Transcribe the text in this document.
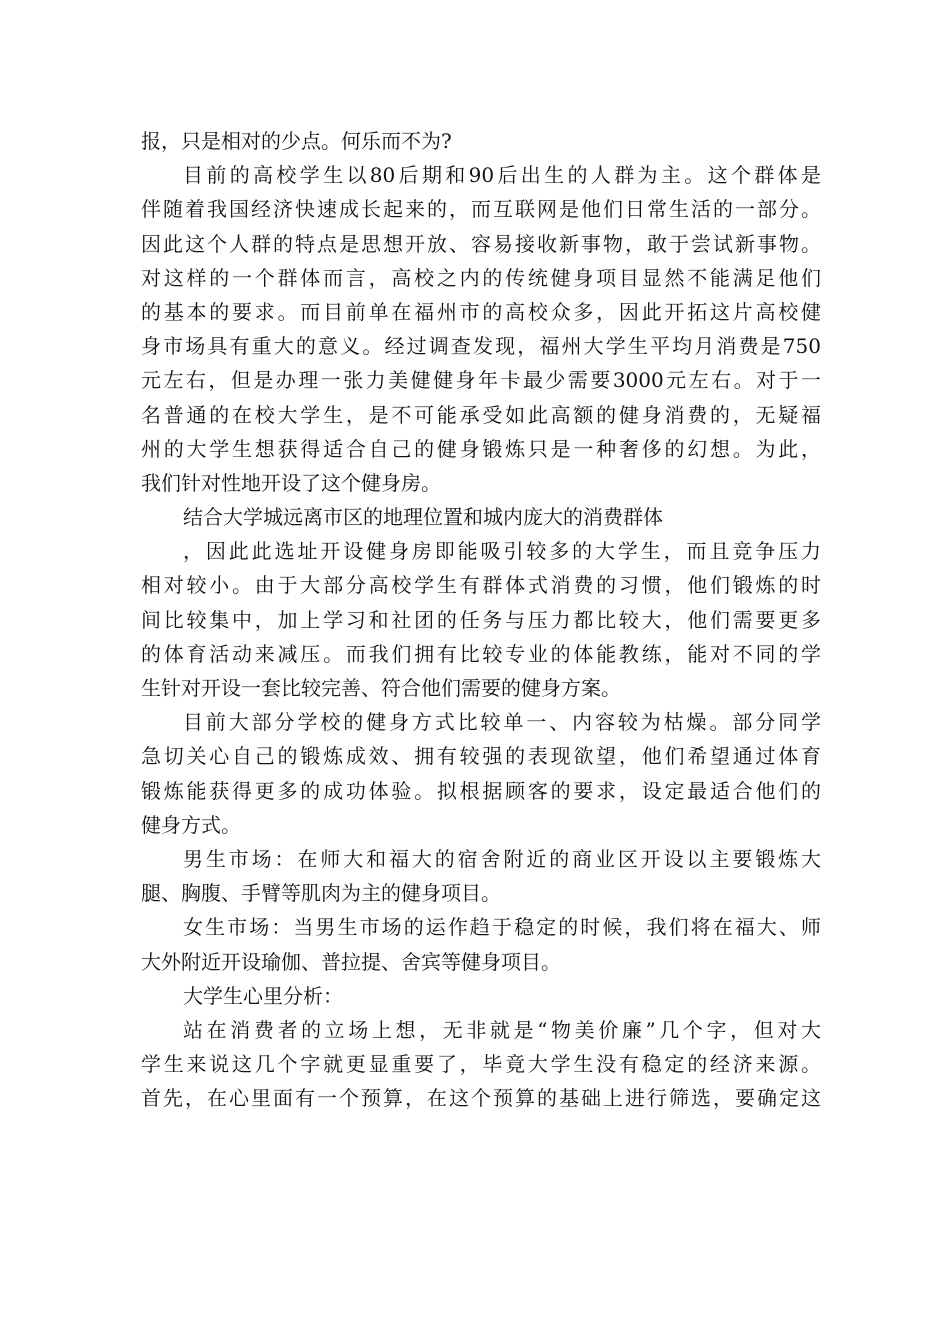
报，只是相对的少点。何乐而不为?
目前的高校学生以80后期和90后出生的人群为主。这个群体是
伴随着我国经济快速成长起来的，而互联网是他们日常生活的一部分。
因此这个人群的特点是思想开放、容易接收新事物，敢于尝试新事物。
对这样的一个群体而言，高校之内的传统健身项目显然不能满足他们
的基本的要求。而目前单在福州市的高校众多，因此开拓这片高校健
身市场具有重大的意义。经过调查发现，福州大学生平均月消费是750
元左右，但是办理一张力美健健身年卡最少需要3000元左右。对于一
名普通的在校大学生，是不可能承受如此高额的健身消费的，无疑福
州的大学生想获得适合自己的健身锻炼只是一种奢侈的幻想。为此，
我们针对性地开设了这个健身房。
结合大学城远离市区的地理位置和城内庞大的消费群体
，因此此选址开设健身房即能吸引较多的大学生，而且竞争压力
相对较小。由于大部分高校学生有群体式消费的习惯，他们锻炼的时
间比较集中，加上学习和社团的任务与压力都比较大，他们需要更多
的体育活动来减压。而我们拥有比较专业的体能教练，能对不同的学
生针对开设一套比较完善、符合他们需要的健身方案。
目前大部分学校的健身方式比较单一、内容较为枯燥。部分同学
急切关心自己的锻炼成效、拥有较强的表现欲望，他们希望通过体育
锻炼能获得更多的成功体验。拟根据顾客的要求，设定最适合他们的
健身方式。
男生市场：在师大和福大的宿舍附近的商业区开设以主要锻炼大
腿、胸腹、手臂等肌肉为主的健身项目。
女生市场：当男生市场的运作趋于稳定的时候，我们将在福大、师
大外附近开设瑜伽、普拉提、舍宾等健身项目。
大学生心里分析：
站在消费者的立场上想，无非就是“物美价廉”几个字，但对大
学生来说这几个字就更显重要了，毕竟大学生没有稳定的经济来源。
首先，在心里面有一个预算，在这个预算的基础上进行筛选，要确定这
